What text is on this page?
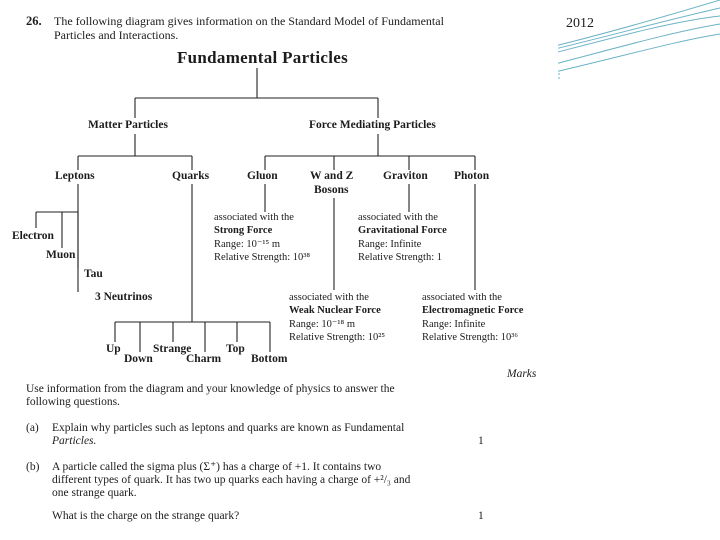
2012
26. The following diagram gives information on the Standard Model of Fundamental
Particles and Interactions.
Fundamental Particles
Matter Particles	Force Mediating Particles
Leptons	Quarks	Gluon	W and Z
Bosons
Graviton Photon
Electron
Muon
Tau
3 Neutrinos
Up
Down
Strange
Charm
Top
Bottom
associated with the
Strong Force
Range: 10⁻¹⁵ m
Relative Strength: 10³⁸
associated with the
Gravitational Force
Range: Infinite
Relative Strength: 1
associated with the
Weak Nuclear Force
Range: 10⁻¹⁸ m
Relative Strength: 10²⁵
associated with the
Electromagnetic Force
Range: Infinite
Relative Strength: 10³⁶
Marks
Use information from the diagram and your knowledge of physics to answer the
following questions.
(a) Explain why particles such as leptons and quarks are known as Fundamental
Particles.	1
(b) A particle called the sigma plus (Σ⁺) has a charge of +1. It contains two
different types of quark. It has two up quarks each having a charge of +²/₃ and
one strange quark.
What is the charge on the strange quark?	1
